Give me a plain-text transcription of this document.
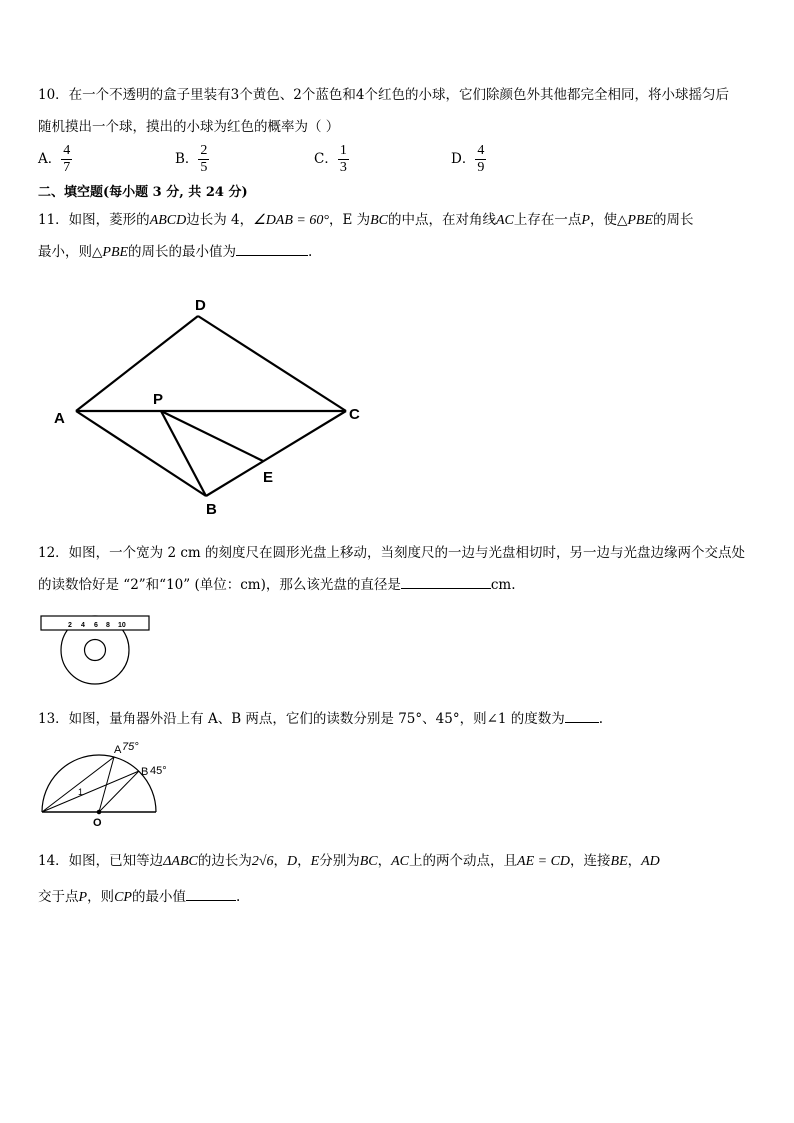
10．在一个不透明的盒子里装有3个黄色、2个蓝色和4个红色的小球，它们除颜色外其他都完全相同，将小球摇匀后
随机摸出一个球，摸出的小球为红色的概率为（ ）
A． $\frac{4}{7}$	B． $\frac{2}{5}$	C． $\frac{1}{3}$	D． $\frac{4}{9}$
二、填空题(每小题 3 分, 共 24 分)
11．如图，菱形的ABCD边长为 4，∠DAB = 60°，E 为BC的中点，在对角线AC上存在一点P，使△PBE的周长
最小，则△PBE的周长的最小值为	.
D
A
P
C
E
B
2 4 6 8 10
A 75°
B 45°
1
O
12．如图，一个宽为 2 cm 的刻度尺在圆形光盘上移动，当刻度尺的一边与光盘相切时，另一边与光盘边缘两个交点处
的读数恰好是 “2”和“10” (单位：cm)，那么该光盘的直径是	cm.
13．如图，量角器外沿上有 A、B 两点，它们的读数分别是 75°、45°，则∠1 的度数为	.
14．如图，已知等边ΔABC的边长为2√6，D，E分别为BC，AC上的两个动点，且AE = CD，连接BE，AD
交于点P，则CP的最小值	.
